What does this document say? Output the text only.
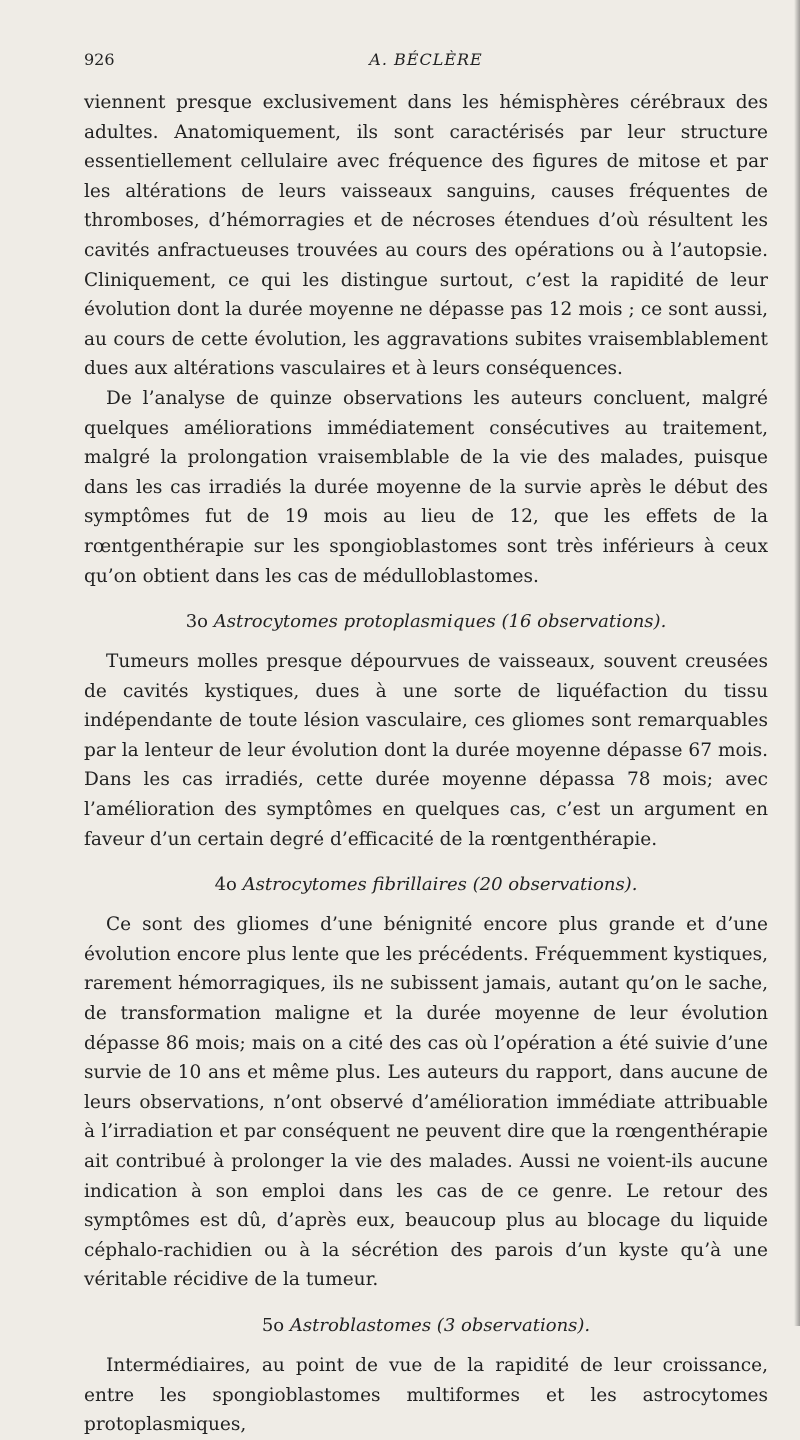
926	A. BÉCLÈRE

viennent presque exclusivement dans les hémisphères cérébraux des adultes. Anatomiquement, ils sont caractérisés par leur structure essentiellement cellulaire avec fréquence des figures de mitose et par les altérations de leurs vaisseaux sanguins, causes fréquentes de thromboses, d’hémorragies et de nécroses étendues d’où résultent les cavités anfractueuses trouvées au cours des opérations ou à l’autopsie. Cliniquement, ce qui les distingue surtout, c’est la rapidité de leur évolution dont la durée moyenne ne dépasse pas 12 mois ; ce sont aussi, au cours de cette évolution, les aggravations subites vraisemblablement dues aux altérations vasculaires et à leurs conséquences.

De l’analyse de quinze observations les auteurs concluent, malgré quelques améliorations immédiatement consécutives au traitement, malgré la prolongation vraisemblable de la vie des malades, puisque dans les cas irradiés la durée moyenne de la survie après le début des symptômes fut de 19 mois au lieu de 12, que les effets de la rœntgenthérapie sur les spongioblastomes sont très inférieurs à ceux qu’on obtient dans les cas de médulloblastomes.

3o Astrocytomes protoplasmiques (16 observations).

Tumeurs molles presque dépourvues de vaisseaux, souvent creusées de cavités kystiques, dues à une sorte de liquéfaction du tissu indépendante de toute lésion vasculaire, ces gliomes sont remarquables par la lenteur de leur évolution dont la durée moyenne dépasse 67 mois. Dans les cas irradiés, cette durée moyenne dépassa 78 mois; avec l’amélioration des symptômes en quelques cas, c’est un argument en faveur d’un certain degré d’efficacité de la rœntgenthérapie.

4o Astrocytomes fibrillaires (20 observations).

Ce sont des gliomes d’une bénignité encore plus grande et d’une évolution encore plus lente que les précédents. Fréquemment kystiques, rarement hémorragiques, ils ne subissent jamais, autant qu’on le sache, de transformation maligne et la durée moyenne de leur évolution dépasse 86 mois; mais on a cité des cas où l’opération a été suivie d’une survie de 10 ans et même plus. Les auteurs du rapport, dans aucune de leurs observations, n’ont observé d’amélioration immédiate attribuable à l’irradiation et par conséquent ne peuvent dire que la rœngenthérapie ait contribué à prolonger la vie des malades. Aussi ne voient-ils aucune indication à son emploi dans les cas de ce genre. Le retour des symptômes est dû, d’après eux, beaucoup plus au blocage du liquide céphalo-rachidien ou à la sécrétion des parois d’un kyste qu’à une véritable récidive de la tumeur.

5o Astroblastomes (3 observations).

Intermédiaires, au point de vue de la rapidité de leur croissance, entre les spongioblastomes multiformes et les astrocytomes protoplasmiques,
